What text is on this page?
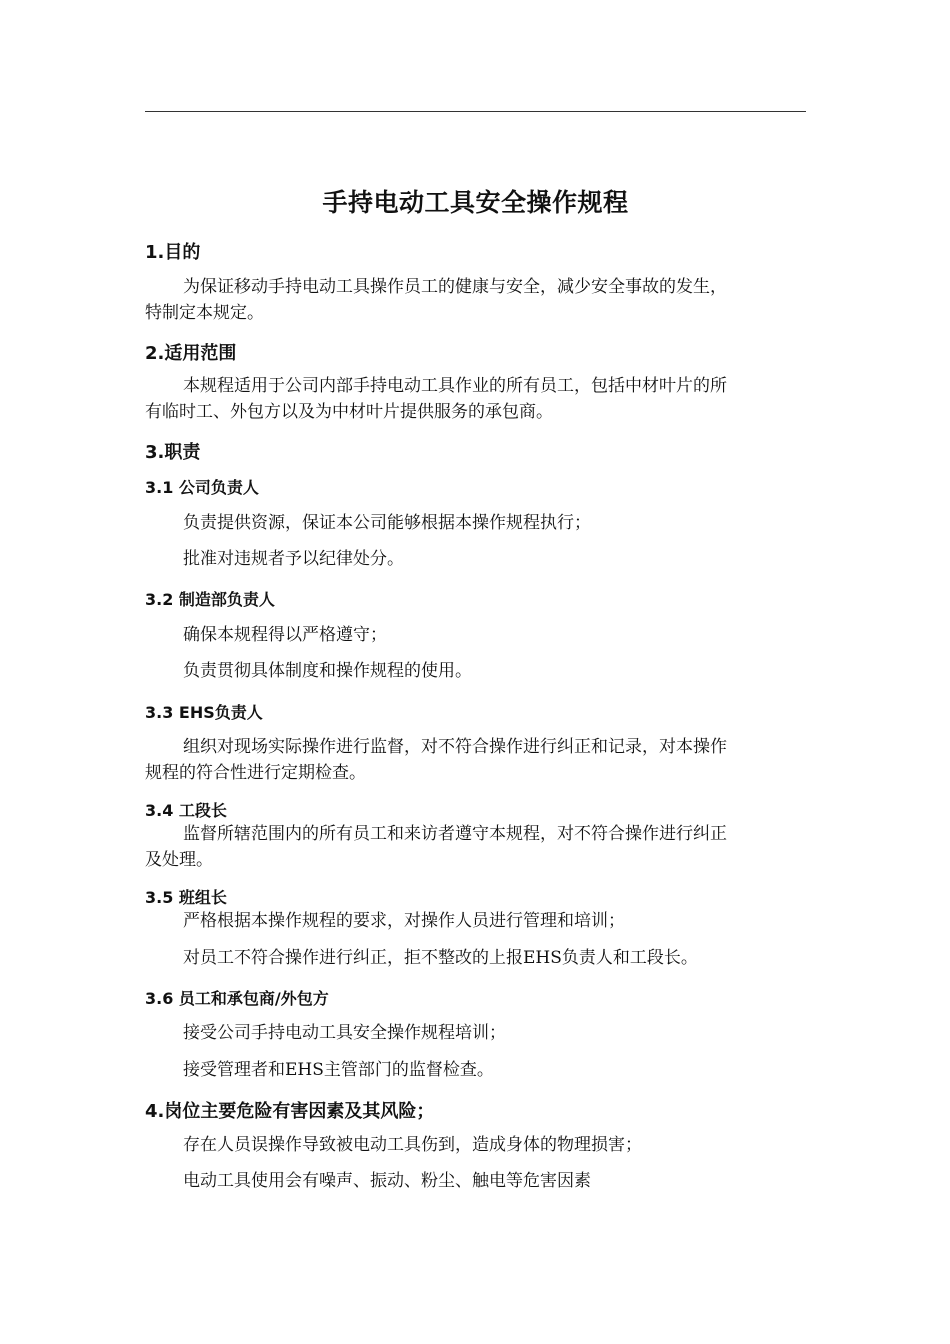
手持电动工具安全操作规程
1.目的
为保证移动手持电动工具操作员工的健康与安全，减少安全事故的发生，
特制定本规定。
2.适用范围
本规程适用于公司内部手持电动工具作业的所有员工，包括中材叶片的所
有临时工、外包方以及为中材叶片提供服务的承包商。
3.职责
3.1 公司负责人
负责提供资源，保证本公司能够根据本操作规程执行；
批准对违规者予以纪律处分。
3.2 制造部负责人
确保本规程得以严格遵守；
负责贯彻具体制度和操作规程的使用。
3.3 EHS负责人
组织对现场实际操作进行监督，对不符合操作进行纠正和记录，对本操作
规程的符合性进行定期检查。
3.4 工段长
监督所辖范围内的所有员工和来访者遵守本规程，对不符合操作进行纠正
及处理。
3.5 班组长
严格根据本操作规程的要求，对操作人员进行管理和培训；
对员工不符合操作进行纠正，拒不整改的上报EHS负责人和工段长。
3.6 员工和承包商/外包方
接受公司手持电动工具安全操作规程培训；
接受管理者和EHS主管部门的监督检查。
4.岗位主要危险有害因素及其风险；
存在人员误操作导致被电动工具伤到，造成身体的物理损害；
电动工具使用会有噪声、振动、粉尘、触电等危害因素
